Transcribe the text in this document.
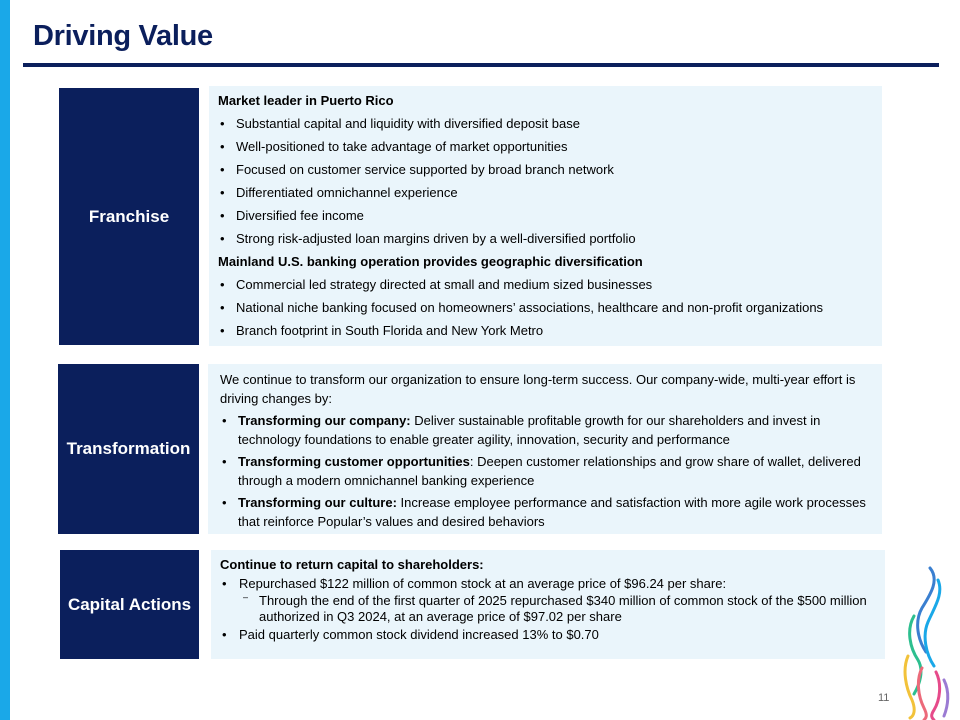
Driving Value
Franchise
Market leader in Puerto Rico
• Substantial capital and liquidity with diversified deposit base
• Well-positioned to take advantage of market opportunities
• Focused on customer service supported by broad branch network
• Differentiated omnichannel experience
• Diversified fee income
• Strong risk-adjusted loan margins driven by a well-diversified portfolio
Mainland U.S. banking operation provides geographic diversification
• Commercial led strategy directed at small and medium sized businesses
• National niche banking focused on homeowners’ associations, healthcare and non-profit organizations
• Branch footprint in South Florida and New York Metro
Transformation
We continue to transform our organization to ensure long-term success. Our company-wide, multi-year effort is driving changes by:
• Transforming our company: Deliver sustainable profitable growth for our shareholders and invest in technology foundations to enable greater agility, innovation, security and performance
• Transforming customer opportunities: Deepen customer relationships and grow share of wallet, delivered through a modern omnichannel banking experience
• Transforming our culture: Increase employee performance and satisfaction with more agile work processes that reinforce Popular’s values and desired behaviors
Capital Actions
Continue to return capital to shareholders:
• Repurchased $122 million of common stock at an average price of $96.24 per share:
– Through the end of the first quarter of 2025 repurchased $340 million of common stock of the $500 million authorized in Q3 2024, at an average price of $97.02 per share
• Paid quarterly common stock dividend increased 13% to $0.70
11
